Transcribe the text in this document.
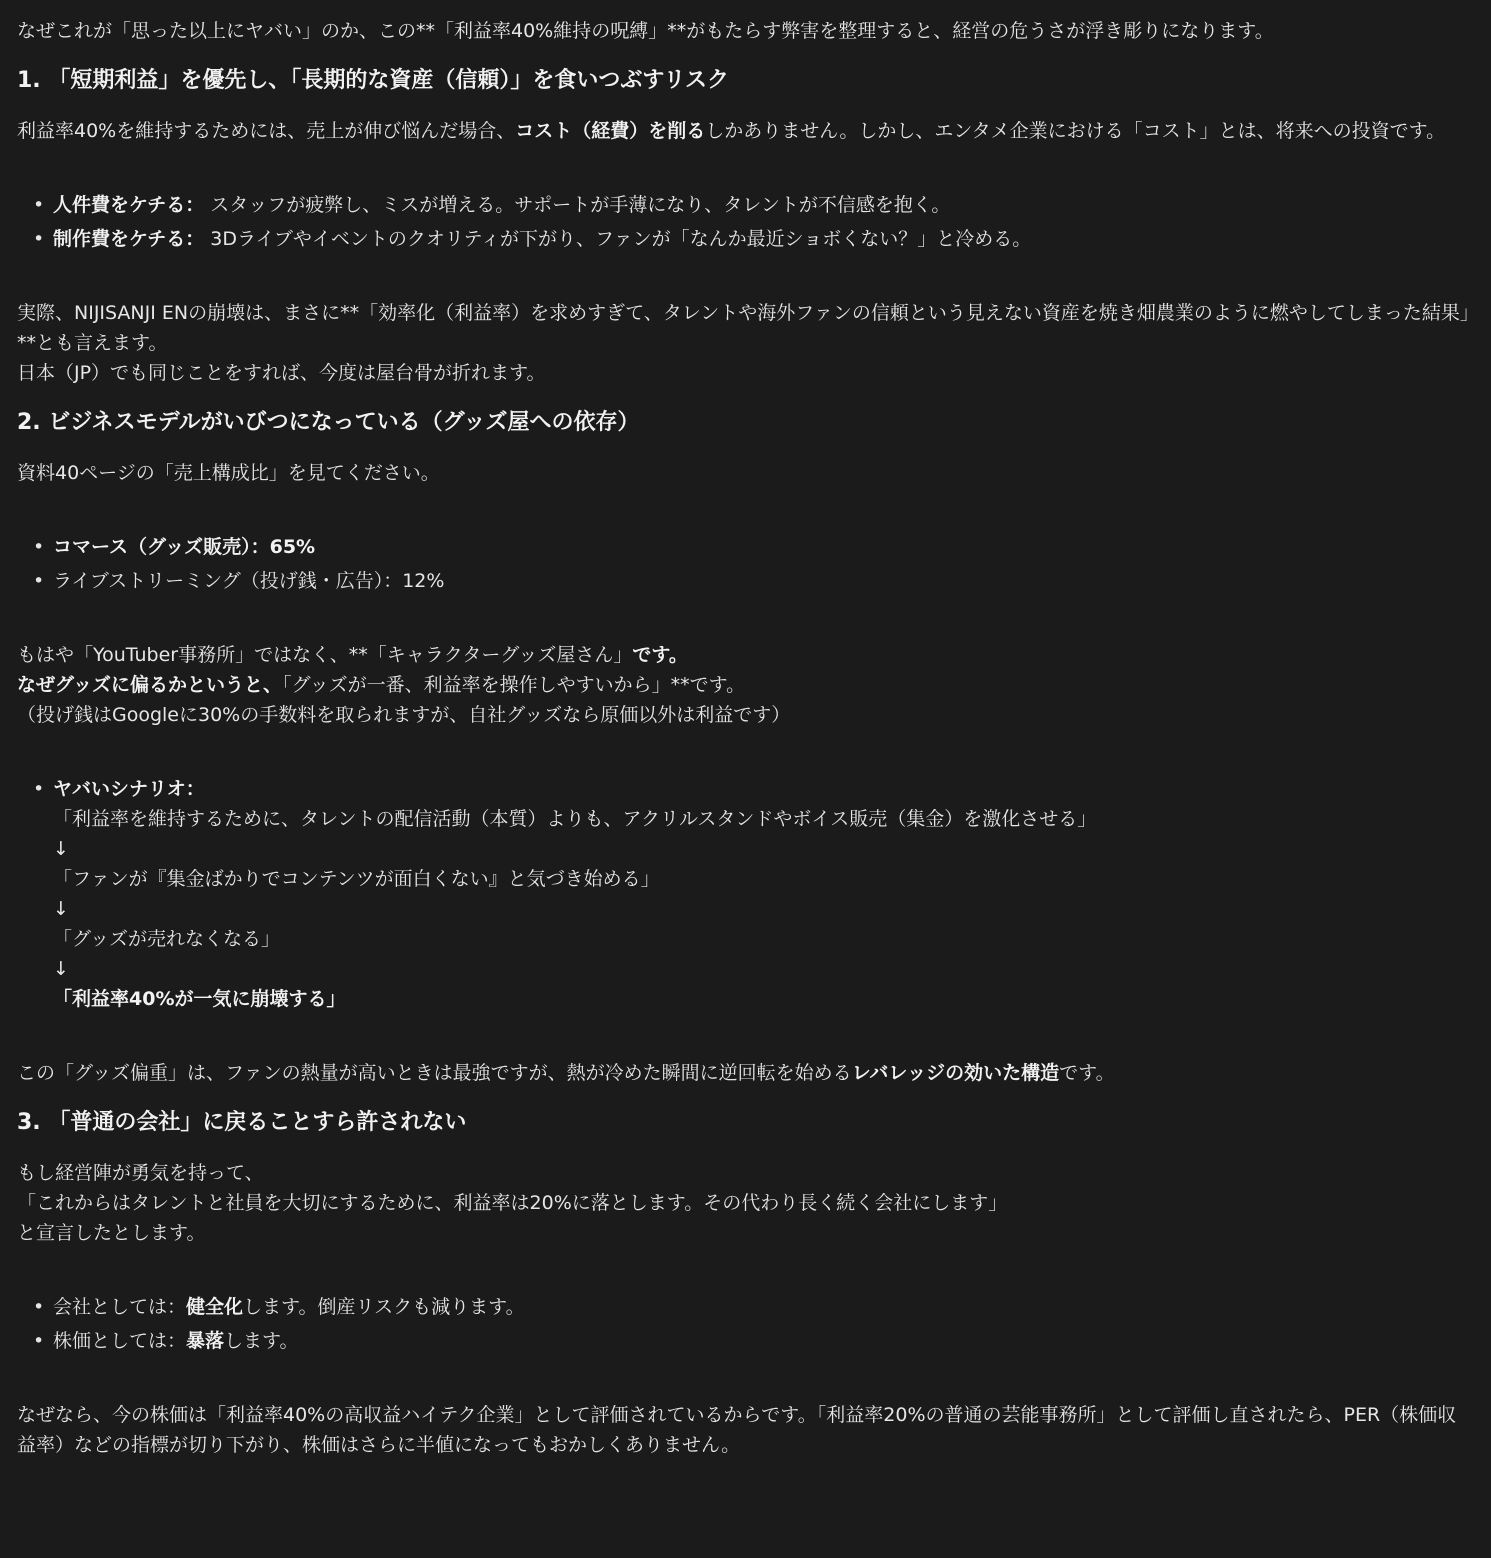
なぜこれが「思った以上にヤバい」のか、この**「利益率40%維持の呪縛」**がもたらす弊害を整理すると、経営の危うさが浮き彫りになります。

1. 「短期利益」を優先し、「長期的な資産（信頼）」を食いつぶすリスク

利益率40%を維持するためには、売上が伸び悩んだ場合、コスト（経費）を削るしかありません。しかし、エンタメ企業における「コスト」とは、将来への投資です。

• 人件費をケチる： スタッフが疲弊し、ミスが増える。サポートが手薄になり、タレントが不信感を抱く。
• 制作費をケチる： 3Dライブやイベントのクオリティが下がり、ファンが「なんか最近ショボくない？」と冷める。

実際、NIJISANJI ENの崩壊は、まさに**「効率化（利益率）を求めすぎて、タレントや海外ファンの信頼という見えない資産を焼き畑農業のように燃やしてしまった結果」**とも言えます。

日本（JP）でも同じことをすれば、今度は屋台骨が折れます。

2. ビジネスモデルがいびつになっている（グッズ屋への依存）

資料40ページの「売上構成比」を見てください。

• コマース（グッズ販売）：65%
• ライブストリーミング（投げ銭・広告）：12%

もはや「YouTuber事務所」ではなく、**「キャラクターグッズ屋さん」です。

なぜグッズに偏るかというと、「グッズが一番、利益率を操作しやすいから」**です。

（投げ銭はGoogleに30%の手数料を取られますが、自社グッズなら原価以外は利益です）

• ヤバいシナリオ：
「利益率を維持するために、タレントの配信活動（本質）よりも、アクリルスタンドやボイス販売（集金）を激化させる」
↓
「ファンが『集金ばかりでコンテンツが面白くない』と気づき始める」
↓
「グッズが売れなくなる」
↓
「利益率40%が一気に崩壊する」

この「グッズ偏重」は、ファンの熱量が高いときは最強ですが、熱が冷めた瞬間に逆回転を始めるレバレッジの効いた構造です。

3. 「普通の会社」に戻ることすら許されない

もし経営陣が勇気を持って、

「これからはタレントと社員を大切にするために、利益率は20%に落とします。その代わり長く続く会社にします」

と宣言したとします。

• 会社としては：健全化します。倒産リスクも減ります。
• 株価としては：暴落します。

なぜなら、今の株価は「利益率40%の高収益ハイテク企業」として評価されているからです。「利益率20%の普通の芸能事務所」として評価し直されたら、PER（株価収益率）などの指標が切り下がり、株価はさらに半値になってもおかしくありません。
